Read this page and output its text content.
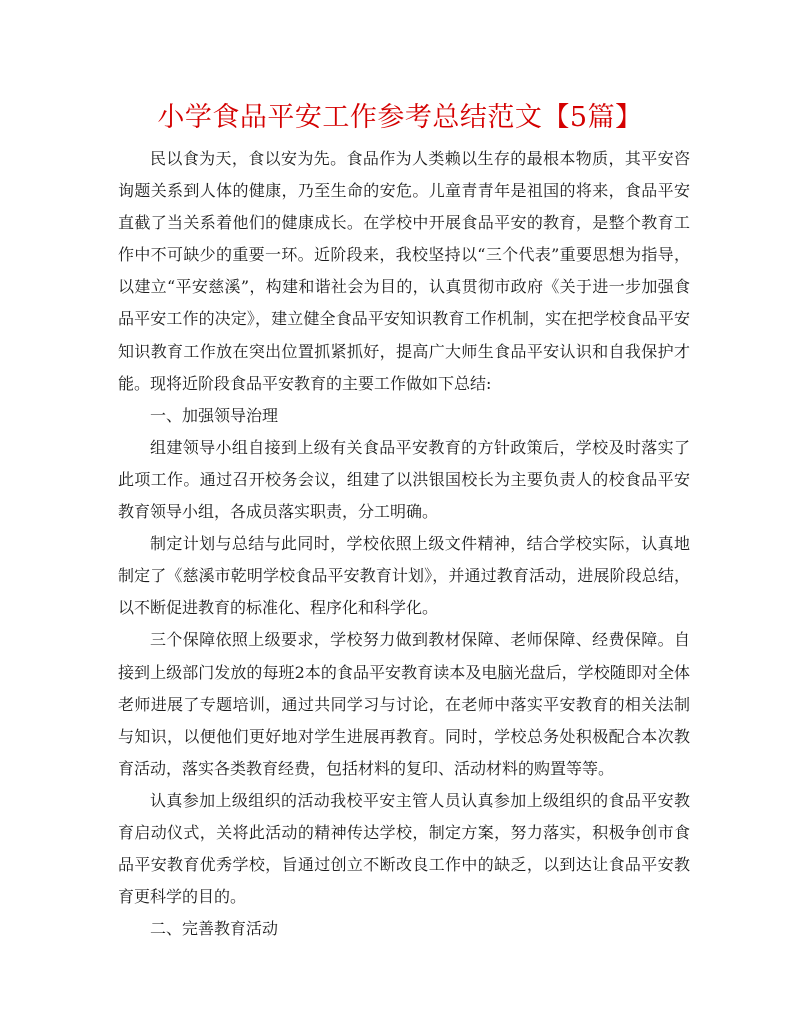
小学食品平安工作参考总结范文【5篇】

民以食为天，食以安为先。食品作为人类赖以生存的最根本物质，其平安咨询题关系到人体的健康，乃至生命的安危。儿童青青年是祖国的将来，食品平安直截了当关系着他们的健康成长。在学校中开展食品平安的教育，是整个教育工作中不可缺少的重要一环。近阶段来，我校坚持以“三个代表”重要思想为指导，以建立“平安慈溪”，构建和谐社会为目的，认真贯彻市政府《关于进一步加强食品平安工作的决定》，建立健全食品平安知识教育工作机制，实在把学校食品平安知识教育工作放在突出位置抓紧抓好，提高广大师生食品平安认识和自我保护才能。现将近阶段食品平安教育的主要工作做如下总结:

一、加强领导治理

组建领导小组自接到上级有关食品平安教育的方针政策后，学校及时落实了此项工作。通过召开校务会议，组建了以洪银国校长为主要负责人的校食品平安教育领导小组，各成员落实职责，分工明确。

制定计划与总结与此同时，学校依照上级文件精神，结合学校实际，认真地制定了《慈溪市乾明学校食品平安教育计划》，并通过教育活动，进展阶段总结，以不断促进教育的标准化、程序化和科学化。

三个保障依照上级要求，学校努力做到教材保障、老师保障、经费保障。自接到上级部门发放的每班2本的食品平安教育读本及电脑光盘后，学校随即对全体老师进展了专题培训，通过共同学习与讨论，在老师中落实平安教育的相关法制与知识，以便他们更好地对学生进展再教育。同时，学校总务处积极配合本次教育活动，落实各类教育经费，包括材料的复印、活动材料的购置等等。

认真参加上级组织的活动我校平安主管人员认真参加上级组织的食品平安教育启动仪式，关将此活动的精神传达学校，制定方案，努力落实，积极争创市食品平安教育优秀学校，旨通过创立不断改良工作中的缺乏，以到达让食品平安教育更科学的目的。

二、完善教育活动
